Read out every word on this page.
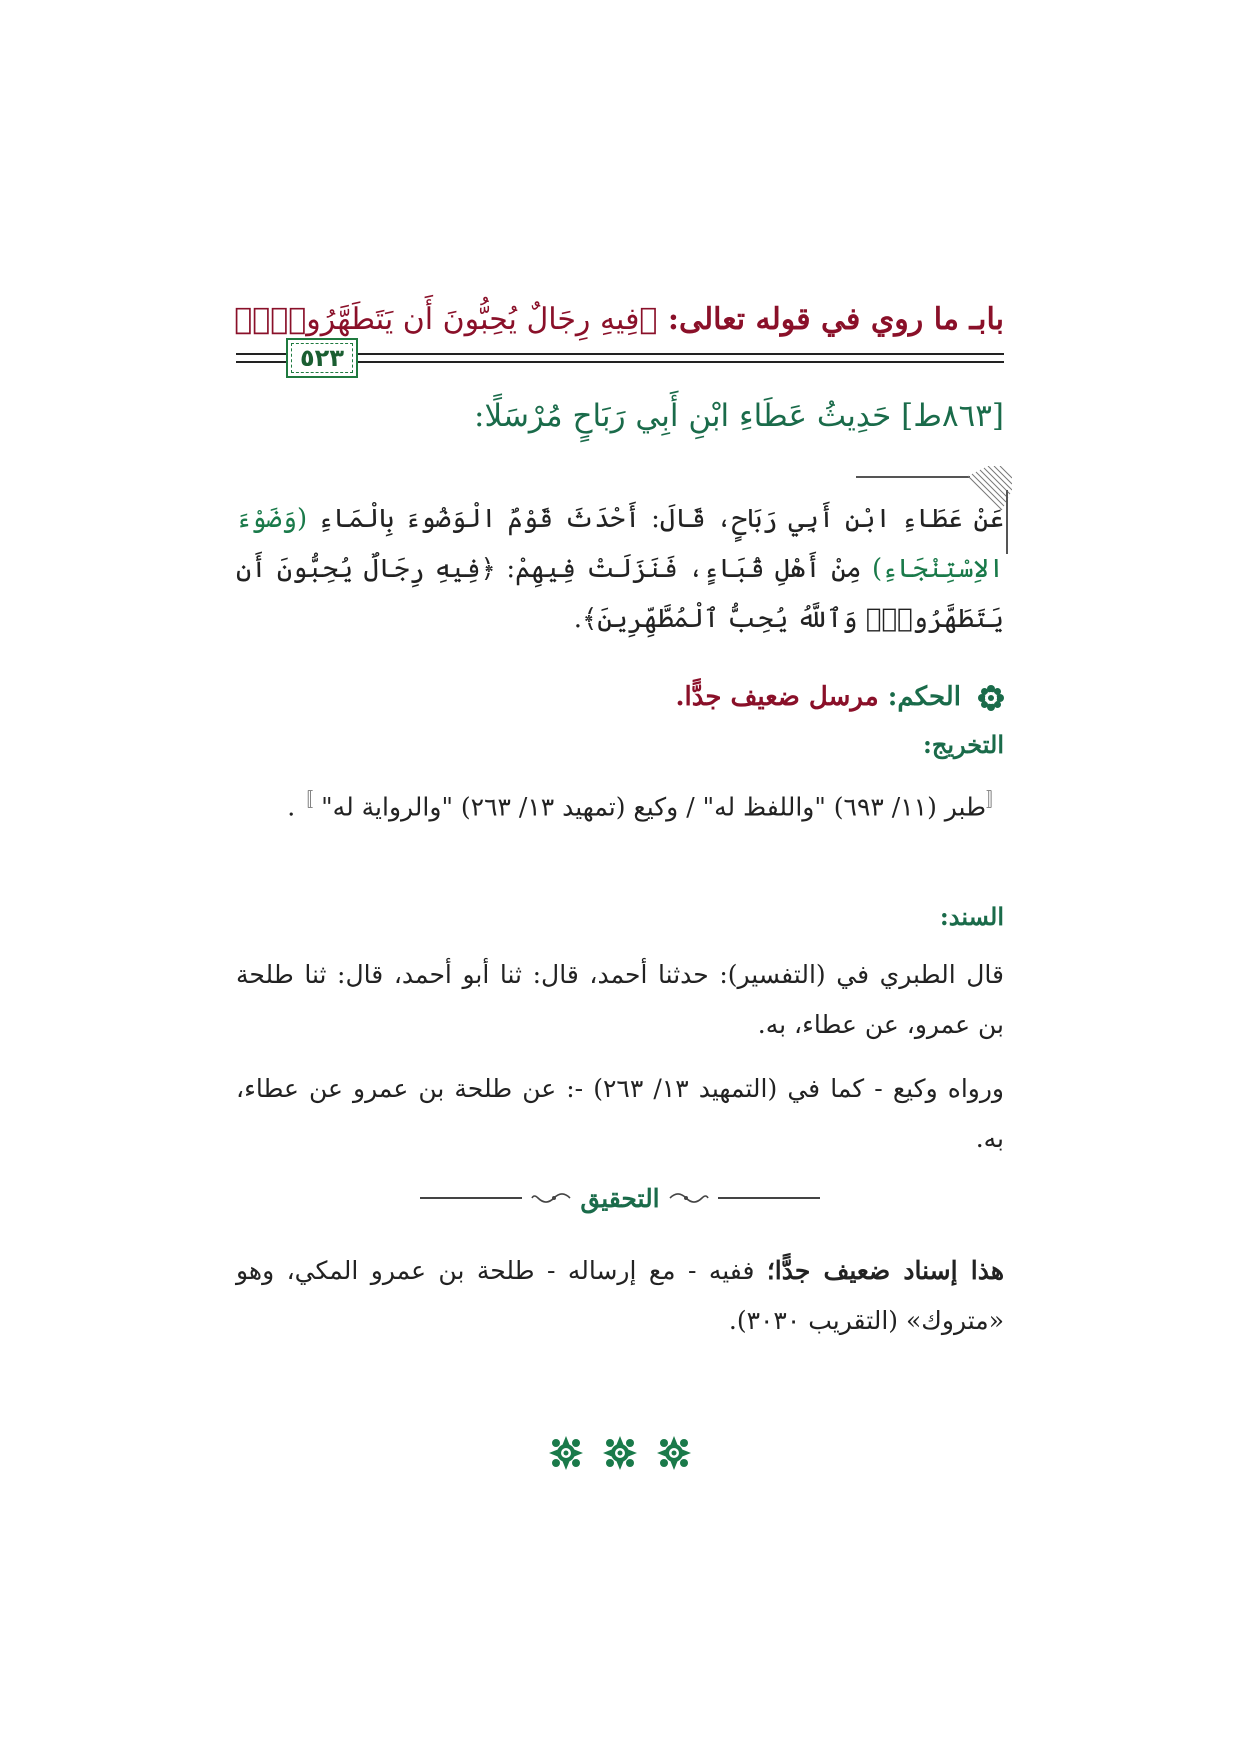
بابـ ما روي في قوله تعالى: ﴿فِيهِ رِجَالٌ يُحِبُّونَ أَن يَتَطَهَّرُواْۚ﴾
٥٢٣
[٨٦٣ط] حَدِيثُ عَطَاءِ ابْنِ أَبِي رَبَاحٍ مُرْسَلًا:
عَنْ عَطَاءِ ابْنِ أَبِي رَبَاحٍ، قَالَ: أَحْدَثَ قَوْمٌ الْوَضُوءَ بِالْمَاءِ (وَضَوْءَ الاِسْتِنْجَاءِ) مِنْ أَهْلِ قُبَاءٍ، فَنَزَلَتْ فِيهِمْ: ﴿فِيهِ رِجَالٌ يُحِبُّونَ أَن يَتَطَهَّرُواْۚ وَٱللَّهُ يُحِبُّ ٱلْمُطَّهِّرِينَ﴾.
الحكم: مرسل ضعيف جدًّا.
التخريج:
〚طبر (١١/ ٦٩٣) "واللفظ له" / وكيع (تمهيد ١٣/ ٢٦٣) "والرواية له" 〛.
السند:
قال الطبري في (التفسير): حدثنا أحمد، قال: ثنا أبو أحمد، قال: ثنا طلحة بن عمرو، عن عطاء، به.
ورواه وكيع - كما في (التمهيد ١٣/ ٢٦٣) -: عن طلحة بن عمرو عن عطاء، به.
التحقيق
هذا إسناد ضعيف جدًّا؛ ففيه - مع إرساله - طلحة بن عمرو المكي، وهو «متروك» (التقريب ٣٠٣٠).
